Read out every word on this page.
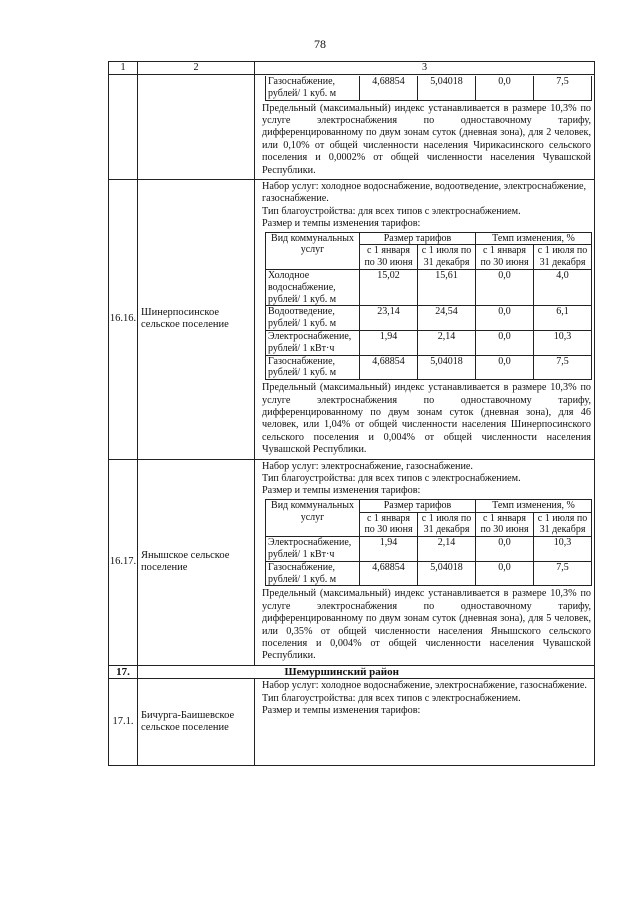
78
1	2	3

Газоснабжение, рублей/ 1 куб. м	4,68854	5,04018	0,0	7,5
Предельный (максимальный) индекс устанавливается в размере 10,3% по услуге электроснабжения по одноставочному тарифу, дифференцированному по двум зонам суток (дневная зона), для 2 человек, или 0,10% от общей численности населения Чирикасинского сельского поселения и 0,0002% от общей численности населения Чувашской Республики.

16.16.	Шинерпосинское сельское поселение	
Набор услуг: холодное водоснабжение, водоотведение, электроснабжение, газоснабжение.
Тип благоустройства: для всех типов с электроснабжением.
Размер и темпы изменения тарифов:
Вид коммунальных услуг	Размер тарифов	Темп изменения, %
с 1 января по 30 июня	с 1 июля по 31 декабря	с 1 января по 30 июня	с 1 июля по 31 декабря
Холодное водоснабжение, рублей/ 1 куб. м	15,02	15,61	0,0	4,0
Водоотведение, рублей/ 1 куб. м	23,14	24,54	0,0	6,1
Электроснабжение, рублей/ 1 кВт·ч	1,94	2,14	0,0	10,3
Газоснабжение, рублей/ 1 куб. м	4,68854	5,04018	0,0	7,5
Предельный (максимальный) индекс устанавливается в размере 10,3% по услуге электроснабжения по одноставочному тарифу, дифференцированному по двум зонам суток (дневная зона), для 46 человек, или 1,04% от общей численности населения Шинерпосинского сельского поселения и 0,004% от общей численности населения Чувашской Республики.

16.17.	Янышское сельское поселение	
Набор услуг: электроснабжение, газоснабжение.
Тип благоустройства: для всех типов с электроснабжением.
Размер и темпы изменения тарифов:
Вид коммунальных услуг	Размер тарифов	Темп изменения, %
с 1 января по 30 июня	с 1 июля по 31 декабря	с 1 января по 30 июня	с 1 июля по 31 декабря
Электроснабжение, рублей/ 1 кВт·ч	1,94	2,14	0,0	10,3
Газоснабжение, рублей/ 1 куб. м	4,68854	5,04018	0,0	7,5
Предельный (максимальный) индекс устанавливается в размере 10,3% по услуге электроснабжения по одноставочному тарифу, дифференцированному по двум зонам суток (дневная зона), для 5 человек, или 0,35% от общей численности населения Янышского сельского поселения и 0,004% от общей численности населения Чувашской Республики.

17.		Шемуршинский район
17.1.	Бичурга-Баишевское сельское поселение	
Набор услуг: холодное водоснабжение, электроснабжение, газоснабжение.
Тип благоустройства: для всех типов с электроснабжением.
Размер и темпы изменения тарифов:
